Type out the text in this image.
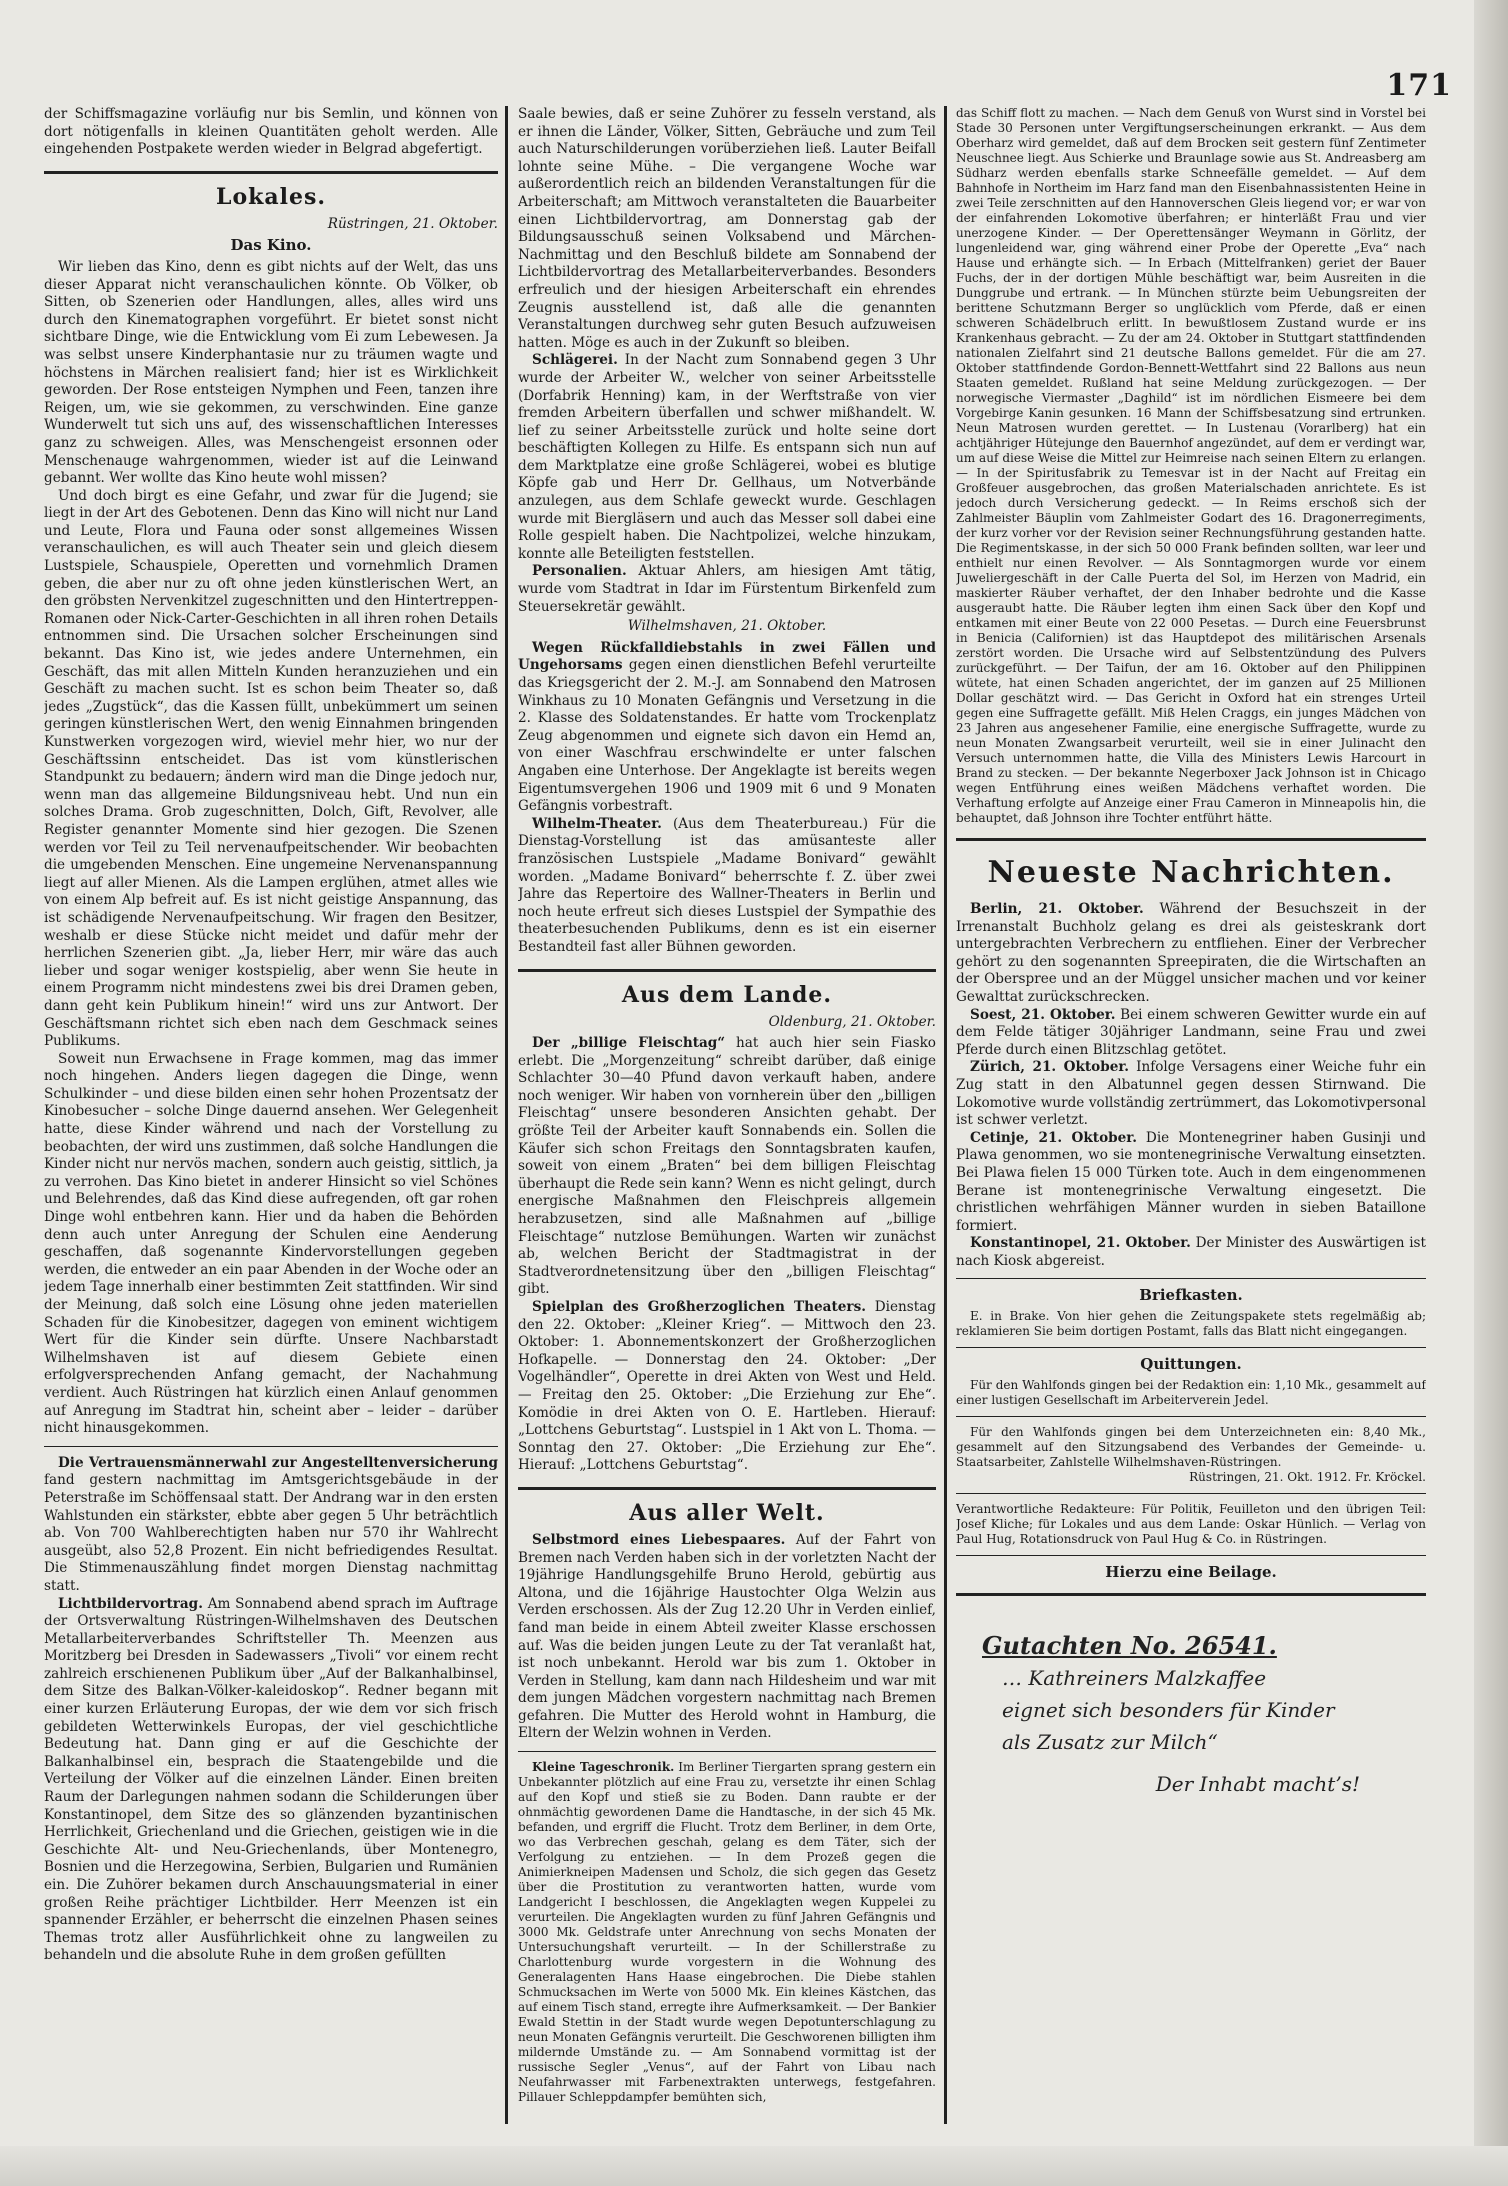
171

der Schiffsmagazine vorläufig nur bis Semlin, und können von dort nötigenfalls in kleinen Quantitäten geholt werden. Alle eingehenden Postpakete werden wieder in Belgrad abgefertigt.

Lokales.
Rüstringen, 21. Oktober.
Das Kino.

Wir lieben das Kino, denn es gibt nichts auf der Welt, das uns dieser Apparat nicht veranschaulichen könnte. Ob Völker, ob Sitten, ob Szenerien oder Handlungen, alles, alles wird uns durch den Kinematographen vorgeführt. Er bietet sonst nicht sichtbare Dinge, wie die Entwicklung vom Ei zum Lebewesen. Ja was selbst unsere Kinderphantasie nur zu träumen wagte und höchstens in Märchen realisiert fand; hier ist es Wirklichkeit geworden. Der Rose entsteigen Nymphen und Feen, tanzen ihre Reigen, um, wie sie gekommen, zu verschwinden. Eine ganze Wunderwelt tut sich uns auf, des wissenschaftlichen Interesses ganz zu schweigen. Alles, was Menschengeist ersonnen oder Menschenauge wahrgenommen, wieder ist auf die Leinwand gebannt. Wer wollte das Kino heute wohl missen?

Und doch birgt es eine Gefahr, und zwar für die Jugend; sie liegt in der Art des Gebotenen. Denn das Kino will nicht nur Land und Leute, Flora und Fauna oder sonst allgemeines Wissen veranschaulichen, es will auch Theater sein und gleich diesem Lustspiele, Schauspiele, Operetten und vornehmlich Dramen geben, die aber nur zu oft ohne jeden künstlerischen Wert, an den gröbsten Nervenkitzel zugeschnitten und den Hintertreppen-Romanen oder Nick-Carter-Geschichten in all ihren rohen Details entnommen sind. Die Ursachen solcher Erscheinungen sind bekannt. Das Kino ist, wie jedes andere Unternehmen, ein Geschäft, das mit allen Mitteln Kunden heranzuziehen und ein Geschäft zu machen sucht. Ist es schon beim Theater so, daß jedes „Zugstück“, das die Kassen füllt, unbekümmert um seinen geringen künstlerischen Wert, den wenig Einnahmen bringenden Kunstwerken vorgezogen wird, wieviel mehr hier, wo nur der Geschäftssinn entscheidet. Das ist vom künstlerischen Standpunkt zu bedauern; ändern wird man die Dinge jedoch nur, wenn man das allgemeine Bildungsniveau hebt. Und nun ein solches Drama. Grob zugeschnitten, Dolch, Gift, Revolver, alle Register genannter Momente sind hier gezogen. Die Szenen werden vor Teil zu Teil nervenaufpeitschender. Wir beobachten die umgebenden Menschen. Eine ungemeine Nervenanspannung liegt auf aller Mienen. Als die Lampen erglühen, atmet alles wie von einem Alp befreit auf. Es ist nicht geistige Anspannung, das ist schädigende Nervenaufpeitschung. Wir fragen den Besitzer, weshalb er diese Stücke nicht meidet und dafür mehr der herrlichen Szenerien gibt. „Ja, lieber Herr, mir wäre das auch lieber und sogar weniger kostspielig, aber wenn Sie heute in einem Programm nicht mindestens zwei bis drei Dramen geben, dann geht kein Publikum hinein!“ wird uns zur Antwort. Der Geschäftsmann richtet sich eben nach dem Geschmack seines Publikums.

Soweit nun Erwachsene in Frage kommen, mag das immer noch hingehen. Anders liegen dagegen die Dinge, wenn Schulkinder – und diese bilden einen sehr hohen Prozentsatz der Kinobesucher – solche Dinge dauernd ansehen. Wer Gelegenheit hatte, diese Kinder während und nach der Vorstellung zu beobachten, der wird uns zustimmen, daß solche Handlungen die Kinder nicht nur nervös machen, sondern auch geistig, sittlich, ja zu verrohen. Das Kino bietet in anderer Hinsicht so viel Schönes und Belehrendes, daß das Kind diese aufregenden, oft gar rohen Dinge wohl entbehren kann. Hier und da haben die Behörden denn auch unter Anregung der Schulen eine Aenderung geschaffen, daß sogenannte Kindervorstellungen gegeben werden, die entweder an ein paar Abenden in der Woche oder an jedem Tage innerhalb einer bestimmten Zeit stattfinden. Wir sind der Meinung, daß solch eine Lösung ohne jeden materiellen Schaden für die Kinobesitzer, dagegen von eminent wichtigem Wert für die Kinder sein dürfte. Unsere Nachbarstadt Wilhelmshaven ist auf diesem Gebiete einen erfolgversprechenden Anfang gemacht, der Nachahmung verdient. Auch Rüstringen hat kürzlich einen Anlauf genommen auf Anregung im Stadtrat hin, scheint aber – leider – darüber nicht hinausgekommen.

Die Vertrauensmännerwahl zur Angestelltenversicherung fand gestern nachmittag im Amtsgerichtsgebäude in der Peterstraße im Schöffensaal statt. Der Andrang war in den ersten Wahlstunden ein stärkster, ebbte aber gegen 5 Uhr beträchtlich ab. Von 700 Wahlberechtigten haben nur 570 ihr Wahlrecht ausgeübt, also 52,8 Prozent. Ein nicht befriedigendes Resultat. Die Stimmenauszählung findet morgen Dienstag nachmittag statt.

Lichtbildervortrag. Am Sonnabend abend sprach im Auftrage der Ortsverwaltung Rüstringen-Wilhelmshaven des Deutschen Metallarbeiterverbandes Schriftsteller Th. Meenzen aus Moritzberg bei Dresden in Sadewassers „Tivoli“ vor einem recht zahlreich erschienenen Publikum über „Auf der Balkanhalbinsel, dem Sitze des Balkan-Völker-kaleidoskop“. Redner begann mit einer kurzen Erläuterung Europas, der wie dem vor sich frisch gebildeten Wetterwinkels Europas, der viel geschichtliche Bedeutung hat. Dann ging er auf die Geschichte der Balkanhalbinsel ein, besprach die Staatengebilde und die Verteilung der Völker auf die einzelnen Länder. Einen breiten Raum der Darlegungen nahmen sodann die Schilderungen über Konstantinopel, dem Sitze des so glänzenden byzantinischen Herrlichkeit, Griechenland und die Griechen, geistigen wie in die Geschichte Alt- und Neu-Griechenlands, über Montenegro, Bosnien und die Herzegowina, Serbien, Bulgarien und Rumänien ein. Die Zuhörer bekamen durch Anschauungsmaterial in einer großen Reihe prächtiger Lichtbilder. Herr Meenzen ist ein spannender Erzähler, er beherrscht die einzelnen Phasen seines Themas trotz aller Ausführlichkeit ohne zu langweilen zu behandeln und die absolute Ruhe in dem großen gefüllten

Saale bewies, daß er seine Zuhörer zu fesseln verstand, als er ihnen die Länder, Völker, Sitten, Gebräuche und zum Teil auch Naturschilderungen vorüberziehen ließ. Lauter Beifall lohnte seine Mühe. – Die vergangene Woche war außerordentlich reich an bildenden Veranstaltungen für die Arbeiterschaft; am Mittwoch veranstalteten die Bauarbeiter einen Lichtbildervortrag, am Donnerstag gab der Bildungsausschuß seinen Volksabend und Märchen-Nachmittag und den Beschluß bildete am Sonnabend der Lichtbildervortrag des Metallarbeiterverbandes. Besonders erfreulich und der hiesigen Arbeiterschaft ein ehrendes Zeugnis ausstellend ist, daß alle die genannten Veranstaltungen durchweg sehr guten Besuch aufzuweisen hatten. Möge es auch in der Zukunft so bleiben.

Schlägerei. In der Nacht zum Sonnabend gegen 3 Uhr wurde der Arbeiter W., welcher von seiner Arbeitsstelle (Dorfabrik Henning) kam, in der Werftstraße von vier fremden Arbeitern überfallen und schwer mißhandelt. W. lief zu seiner Arbeitsstelle zurück und holte seine dort beschäftigten Kollegen zu Hilfe. Es entspann sich nun auf dem Marktplatze eine große Schlägerei, wobei es blutige Köpfe gab und Herr Dr. Gellhaus, um Notverbände anzulegen, aus dem Schlafe geweckt wurde. Geschlagen wurde mit Biergläsern und auch das Messer soll dabei eine Rolle gespielt haben. Die Nachtpolizei, welche hinzukam, konnte alle Beteiligten feststellen.

Personalien. Aktuar Ahlers, am hiesigen Amt tätig, wurde vom Stadtrat in Idar im Fürstentum Birkenfeld zum Steuersekretär gewählt.

Wilhelmshaven, 21. Oktober.

Wegen Rückfalldiebstahls in zwei Fällen und Ungehorsams gegen einen dienstlichen Befehl verurteilte das Kriegsgericht der 2. M.-J. am Sonnabend den Matrosen Winkhaus zu 10 Monaten Gefängnis und Versetzung in die 2. Klasse des Soldatenstandes. Er hatte vom Trockenplatz Zeug abgenommen und eignete sich davon ein Hemd an, von einer Waschfrau erschwindelte er unter falschen Angaben eine Unterhose. Der Angeklagte ist bereits wegen Eigentumsvergehen 1906 und 1909 mit 6 und 9 Monaten Gefängnis vorbestraft.

Wilhelm-Theater. (Aus dem Theaterbureau.) Für die Dienstag-Vorstellung ist das amüsanteste aller französischen Lustspiele „Madame Bonivard“ gewählt worden. „Madame Bonivard“ beherrschte f. Z. über zwei Jahre das Repertoire des Wallner-Theaters in Berlin und noch heute erfreut sich dieses Lustspiel der Sympathie des theaterbesuchenden Publikums, denn es ist ein eiserner Bestandteil fast aller Bühnen geworden.

Aus dem Lande.
Oldenburg, 21. Oktober.

Der „billige Fleischtag“ hat auch hier sein Fiasko erlebt. Die „Morgenzeitung“ schreibt darüber, daß einige Schlachter 30—40 Pfund davon verkauft haben, andere noch weniger. Wir haben von vornherein über den „billigen Fleischtag“ unsere besonderen Ansichten gehabt. Der größte Teil der Arbeiter kauft Sonnabends ein. Sollen die Käufer sich schon Freitags den Sonntagsbraten kaufen, soweit von einem „Braten“ bei dem billigen Fleischtag überhaupt die Rede sein kann? Wenn es nicht gelingt, durch energische Maßnahmen den Fleischpreis allgemein herabzusetzen, sind alle Maßnahmen auf „billige Fleischtage“ nutzlose Bemühungen. Warten wir zunächst ab, welchen Bericht der Stadtmagistrat in der Stadtverordnetensitzung über den „billigen Fleischtag“ gibt.

Spielplan des Großherzoglichen Theaters. Dienstag den 22. Oktober: „Kleiner Krieg“. — Mittwoch den 23. Oktober: 1. Abonnementskonzert der Großherzoglichen Hofkapelle. — Donnerstag den 24. Oktober: „Der Vogelhändler“, Operette in drei Akten von West und Held. — Freitag den 25. Oktober: „Die Erziehung zur Ehe“. Komödie in drei Akten von O. E. Hartleben. Hierauf: „Lottchens Geburtstag“. Lustspiel in 1 Akt von L. Thoma. — Sonntag den 27. Oktober: „Die Erziehung zur Ehe“. Hierauf: „Lottchens Geburtstag“.

Aus aller Welt.

Selbstmord eines Liebespaares. Auf der Fahrt von Bremen nach Verden haben sich in der vorletzten Nacht der 19jährige Handlungsgehilfe Bruno Herold, gebürtig aus Altona, und die 16jährige Haustochter Olga Welzin aus Verden erschossen. Als der Zug 12.20 Uhr in Verden einlief, fand man beide in einem Abteil zweiter Klasse erschossen auf. Was die beiden jungen Leute zu der Tat veranlaßt hat, ist noch unbekannt. Herold war bis zum 1. Oktober in Verden in Stellung, kam dann nach Hildesheim und war mit dem jungen Mädchen vorgestern nachmittag nach Bremen gefahren. Die Mutter des Herold wohnt in Hamburg, die Eltern der Welzin wohnen in Verden.

Kleine Tageschronik. Im Berliner Tiergarten sprang gestern ein Unbekannter plötzlich auf eine Frau zu, versetzte ihr einen Schlag auf den Kopf und stieß sie zu Boden. Dann raubte er der ohnmächtig gewordenen Dame die Handtasche, in der sich 45 Mk. befanden, und ergriff die Flucht. Trotz dem Berliner, in dem Orte, wo das Verbrechen geschah, gelang es dem Täter, sich der Verfolgung zu entziehen. — In dem Prozeß gegen die Animierkneipen Madensen und Scholz, die sich gegen das Gesetz über die Prostitution zu verantworten hatten, wurde vom Landgericht I beschlossen, die Angeklagten wegen Kuppelei zu verurteilen. Die Angeklagten wurden zu fünf Jahren Gefängnis und 3000 Mk. Geldstrafe unter Anrechnung von sechs Monaten der Untersuchungshaft verurteilt. — In der Schillerstraße zu Charlottenburg wurde vorgestern in die Wohnung des Generalagenten Hans Haase eingebrochen. Die Diebe stahlen Schmucksachen im Werte von 5000 Mk. Ein kleines Kästchen, das auf einem Tisch stand, erregte ihre Aufmerksamkeit. — Der Bankier Ewald Stettin in der Stadt wurde wegen Depotunterschlagung zu neun Monaten Gefängnis verurteilt. Die Geschworenen billigten ihm mildernde Umstände zu. — Am Sonnabend vormittag ist der russische Segler „Venus“, auf der Fahrt von Libau nach Neufahrwasser mit Farbenextrakten unterwegs, festgefahren. Pillauer Schleppdampfer bemühten sich,

das Schiff flott zu machen. — Nach dem Genuß von Wurst sind in Vorstel bei Stade 30 Personen unter Vergiftungserscheinungen erkrankt. — Aus dem Oberharz wird gemeldet, daß auf dem Brocken seit gestern fünf Zentimeter Neuschnee liegt. Aus Schierke und Braunlage sowie aus St. Andreasberg am Südharz werden ebenfalls starke Schneefälle gemeldet. — Auf dem Bahnhofe in Northeim im Harz fand man den Eisenbahnassistenten Heine in zwei Teile zerschnitten auf den Hannoverschen Gleis liegend vor; er war von der einfahrenden Lokomotive überfahren; er hinterläßt Frau und vier unerzogene Kinder. — Der Operettensänger Weymann in Görlitz, der lungenleidend war, ging während einer Probe der Operette „Eva“ nach Hause und erhängte sich. — In Erbach (Mittelfranken) geriet der Bauer Fuchs, der in der dortigen Mühle beschäftigt war, beim Ausreiten in die Dunggrube und ertrank. — In München stürzte beim Uebungsreiten der berittene Schutzmann Berger so unglücklich vom Pferde, daß er einen schweren Schädelbruch erlitt. In bewußtlosem Zustand wurde er ins Krankenhaus gebracht. — Zu der am 24. Oktober in Stuttgart stattfindenden nationalen Zielfahrt sind 21 deutsche Ballons gemeldet. Für die am 27. Oktober stattfindende Gordon-Bennett-Wettfahrt sind 22 Ballons aus neun Staaten gemeldet. Rußland hat seine Meldung zurückgezogen. — Der norwegische Viermaster „Daghild“ ist im nördlichen Eismeere bei dem Vorgebirge Kanin gesunken. 16 Mann der Schiffsbesatzung sind ertrunken. Neun Matrosen wurden gerettet. — In Lustenau (Vorarlberg) hat ein achtjähriger Hütejunge den Bauernhof angezündet, auf dem er verdingt war, um auf diese Weise die Mittel zur Heimreise nach seinen Eltern zu erlangen. — In der Spiritusfabrik zu Temesvar ist in der Nacht auf Freitag ein Großfeuer ausgebrochen, das großen Materialschaden anrichtete. Es ist jedoch durch Versicherung gedeckt. — In Reims erschoß sich der Zahlmeister Bäuplin vom Zahlmeister Godart des 16. Dragonerregiments, der kurz vorher vor der Revision seiner Rechnungsführung gestanden hatte. Die Regimentskasse, in der sich 50 000 Frank befinden sollten, war leer und enthielt nur einen Revolver. — Als Sonntagmorgen wurde vor einem Juweliergeschäft in der Calle Puerta del Sol, im Herzen von Madrid, ein maskierter Räuber verhaftet, der den Inhaber bedrohte und die Kasse ausgeraubt hatte. Die Räuber legten ihm einen Sack über den Kopf und entkamen mit einer Beute von 22 000 Pesetas. — Durch eine Feuersbrunst in Benicia (Californien) ist das Hauptdepot des militärischen Arsenals zerstört worden. Die Ursache wird auf Selbstentzündung des Pulvers zurückgeführt. — Der Taifun, der am 16. Oktober auf den Philippinen wütete, hat einen Schaden angerichtet, der im ganzen auf 25 Millionen Dollar geschätzt wird. — Das Gericht in Oxford hat ein strenges Urteil gegen eine Suffragette gefällt. Miß Helen Craggs, ein junges Mädchen von 23 Jahren aus angesehener Familie, eine energische Suffragette, wurde zu neun Monaten Zwangsarbeit verurteilt, weil sie in einer Julinacht den Versuch unternommen hatte, die Villa des Ministers Lewis Harcourt in Brand zu stecken. — Der bekannte Negerboxer Jack Johnson ist in Chicago wegen Entführung eines weißen Mädchens verhaftet worden. Die Verhaftung erfolgte auf Anzeige einer Frau Cameron in Minneapolis hin, die behauptet, daß Johnson ihre Tochter entführt hätte.

Neueste Nachrichten.

Berlin, 21. Oktober. Während der Besuchszeit in der Irrenanstalt Buchholz gelang es drei als geisteskrank dort untergebrachten Verbrechern zu entfliehen. Einer der Verbrecher gehört zu den sogenannten Spreepiraten, die die Wirtschaften an der Oberspree und an der Müggel unsicher machen und vor keiner Gewalttat zurückschrecken.

Soest, 21. Oktober. Bei einem schweren Gewitter wurde ein auf dem Felde tätiger 30jähriger Landmann, seine Frau und zwei Pferde durch einen Blitzschlag getötet.

Zürich, 21. Oktober. Infolge Versagens einer Weiche fuhr ein Zug statt in den Albatunnel gegen dessen Stirnwand. Die Lokomotive wurde vollständig zertrümmert, das Lokomotivpersonal ist schwer verletzt.

Cetinje, 21. Oktober. Die Montenegriner haben Gusinji und Plawa genommen, wo sie montenegrinische Verwaltung einsetzten. Bei Plawa fielen 15 000 Türken tote. Auch in dem eingenommenen Berane ist montenegrinische Verwaltung eingesetzt. Die christlichen wehrfähigen Männer wurden in sieben Bataillone formiert.

Konstantinopel, 21. Oktober. Der Minister des Auswärtigen ist nach Kiosk abgereist.

Briefkasten.

E. in Brake. Von hier gehen die Zeitungspakete stets regelmäßig ab; reklamieren Sie beim dortigen Postamt, falls das Blatt nicht eingegangen.

Quittungen.

Für den Wahlfonds gingen bei der Redaktion ein: 1,10 Mk., gesammelt auf einer lustigen Gesellschaft im Arbeiterverein Jedel.

Für den Wahlfonds gingen bei dem Unterzeichneten ein: 8,40 Mk., gesammelt auf den Sitzungsabend des Verbandes der Gemeinde- u. Staatsarbeiter, Zahlstelle Wilhelmshaven-Rüstringen.

Rüstringen, 21. Okt. 1912. Fr. Kröckel.

Verantwortliche Redakteure: Für Politik, Feuilleton und den übrigen Teil: Josef Kliche; für Lokales und aus dem Lande: Oskar Hünlich. — Verlag von Paul Hug, Rotationsdruck von Paul Hug & Co. in Rüstringen.

Hierzu eine Beilage.
Gutachten No. 26541.
… Kathreiners Malzkaffee
eignet sich besonders für Kinder
als Zusatz zur Milch“
Der Inhabt macht’s!
